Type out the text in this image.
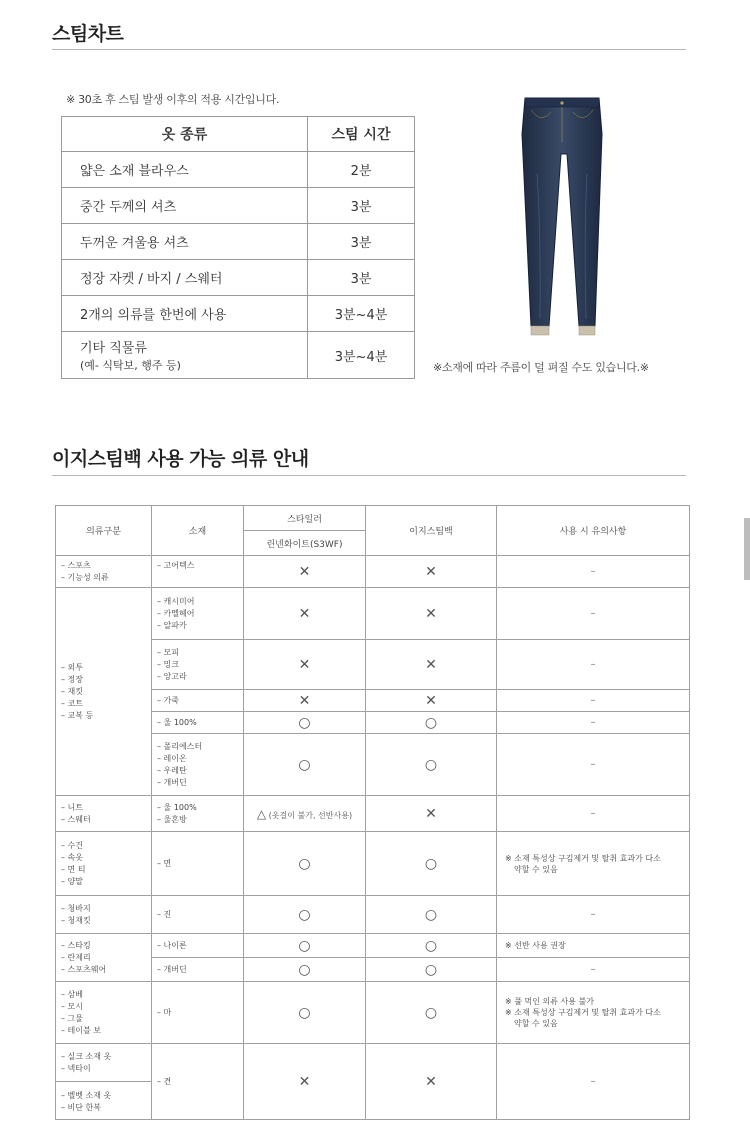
스팀차트
※ 30초 후 스팀 발생 이후의 적용 시간입니다.
옷 종류	스팀 시간
얇은 소재 블라우스	2분
중간 두께의 셔츠	3분
두꺼운 겨울용 셔츠	3분
정장 자켓 / 바지 / 스웨터	3분
2개의 의류를 한번에 사용	3분~4분

기타 직물류
(예- 식탁보, 행주 등)	3분~4분
※소재에 따라 주름이 덜 펴질 수도 있습니다.※
이지스팀백 사용 가능 의류 안내
의류구분	소재	스타일러	이지스팀백	사용 시 유의사항
		린넨화이트(S3WF)		

– 스포츠
– 기능성 의류	– 고어텍스	✕	✕	–

– 외투
– 정장
– 재킷
– 코트
– 교복 등	– 캐시미어
– 카멜헤어
– 알파카	✕	✕	–

	– 모피
– 밍크
– 앙고라	✕	✕	–

	– 가죽	✕	✕	–

	– 울 100%	○	○	–

	– 폴리에스터
– 레이온
– 우레탄
– 개버딘	○	○	–

– 니트
– 스웨터	– 울 100%
– 울혼방	△ (옷걸이 불가, 선반사용)	✕	–

– 수건
– 속옷
– 면 티
– 양말	– 면	○	○	※ 소재 특성상 구김제거 및 탈취 효과가 다소
약할 수 있음

– 청바지
– 청재킷	– 진	○	○	–

– 스타킹
– 란제리
– 스포츠웨어	– 나이론	○	○	※ 선반 사용 권장

	– 개버딘	○	○	–

– 삼베
– 모시
– 그물
– 테이블 보	– 마	○	○	※ 풀 먹인 의류 사용 불가
※ 소재 특성상 구김제거 및 탈취 효과가 다소
약할 수 있음

– 실크 소재 옷
– 넥타이
– 벨벳 소재 옷
– 비단 한복	– 견	✕	✕	–
